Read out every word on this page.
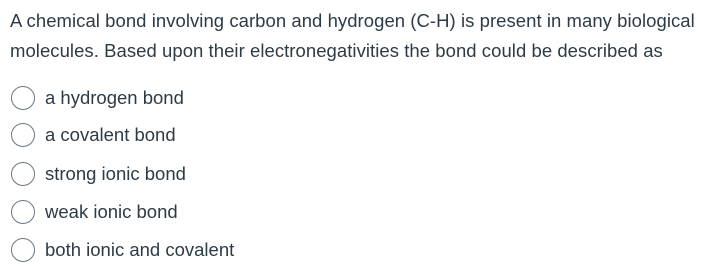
A chemical bond involving carbon and hydrogen (C-H) is present in many biological molecules. Based upon their electronegativities the bond could be described as

a hydrogen bond
a covalent bond
strong ionic bond
weak ionic bond
both ionic and covalent
